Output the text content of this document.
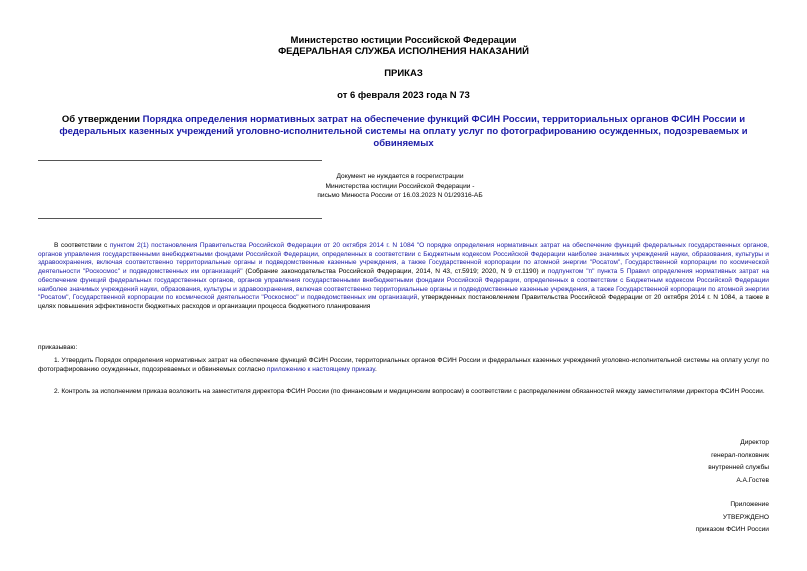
Министерство юстиции Российской Федерации
ФЕДЕРАЛЬНАЯ СЛУЖБА ИСПОЛНЕНИЯ НАКАЗАНИЙ
ПРИКАЗ
от 6 февраля 2023 года N 73
Об утверждении Порядка определения нормативных затрат на обеспечение функций ФСИН России, территориальных органов ФСИН России и федеральных казенных учреждений уголовно-исполнительной системы на оплату услуг по фотографированию осужденных, подозреваемых и обвиняемых
Документ не нуждается в госрегистрации
Министерства юстиции Российской Федерации -
письмо Минюста России от 16.03.2023 N 01/29316-АБ
В соответствии с пунктом 2(1) постановления Правительства Российской Федерации от 20 октября 2014 г. N 1084 "О порядке определения нормативных затрат на обеспечение функций федеральных государственных органов, органов управления государственными внебюджетными фондами Российской Федерации, определенных в соответствии с Бюджетным кодексом Российской Федерации наиболее значимых учреждений науки, образования, культуры и здравоохранения, включая соответственно территориальные органы и подведомственные казенные учреждения, а также Государственной корпорации по атомной энергии "Росатом", Государственной корпорации по космической деятельности "Роскосмос" и подведомственных им организаций" (Собрание законодательства Российской Федерации, 2014, N 43, ст.5919; 2020, N 9 ст.1190) и подпунктом "п" пункта 5 Правил определения нормативных затрат на обеспечение функций федеральных государственных органов, органов управления государственными внебюджетными фондами Российской Федерации, определенных в соответствии с Бюджетным кодексом Российской Федерации наиболее значимых учреждений науки, образования, культуры и здравоохранения, включая соответственно территориальные органы и подведомственные казенные учреждения, а также Государственной корпорации по атомной энергии "Росатом", Государственной корпорации по космической деятельности "Роскосмос" и подведомственных им организаций, утвержденных постановлением Правительства Российской Федерации от 20 октября 2014 г. N 1084, а также в целях повышения эффективности бюджетных расходов и организации процесса бюджетного планирования
приказываю:
1. Утвердить Порядок определения нормативных затрат на обеспечение функций ФСИН России, территориальных органов ФСИН России и федеральных казенных учреждений уголовно-исполнительной системы на оплату услуг по фотографированию осужденных, подозреваемых и обвиняемых согласно приложению к настоящему приказу.
2. Контроль за исполнением приказа возложить на заместителя директора ФСИН России (по финансовым и медицинским вопросам) в соответствии с распределением обязанностей между заместителями директора ФСИН России.
Директор
генерал-полковник
внутренней службы
А.А.Гостев
Приложение
УТВЕРЖДЕНО
приказом ФСИН России
